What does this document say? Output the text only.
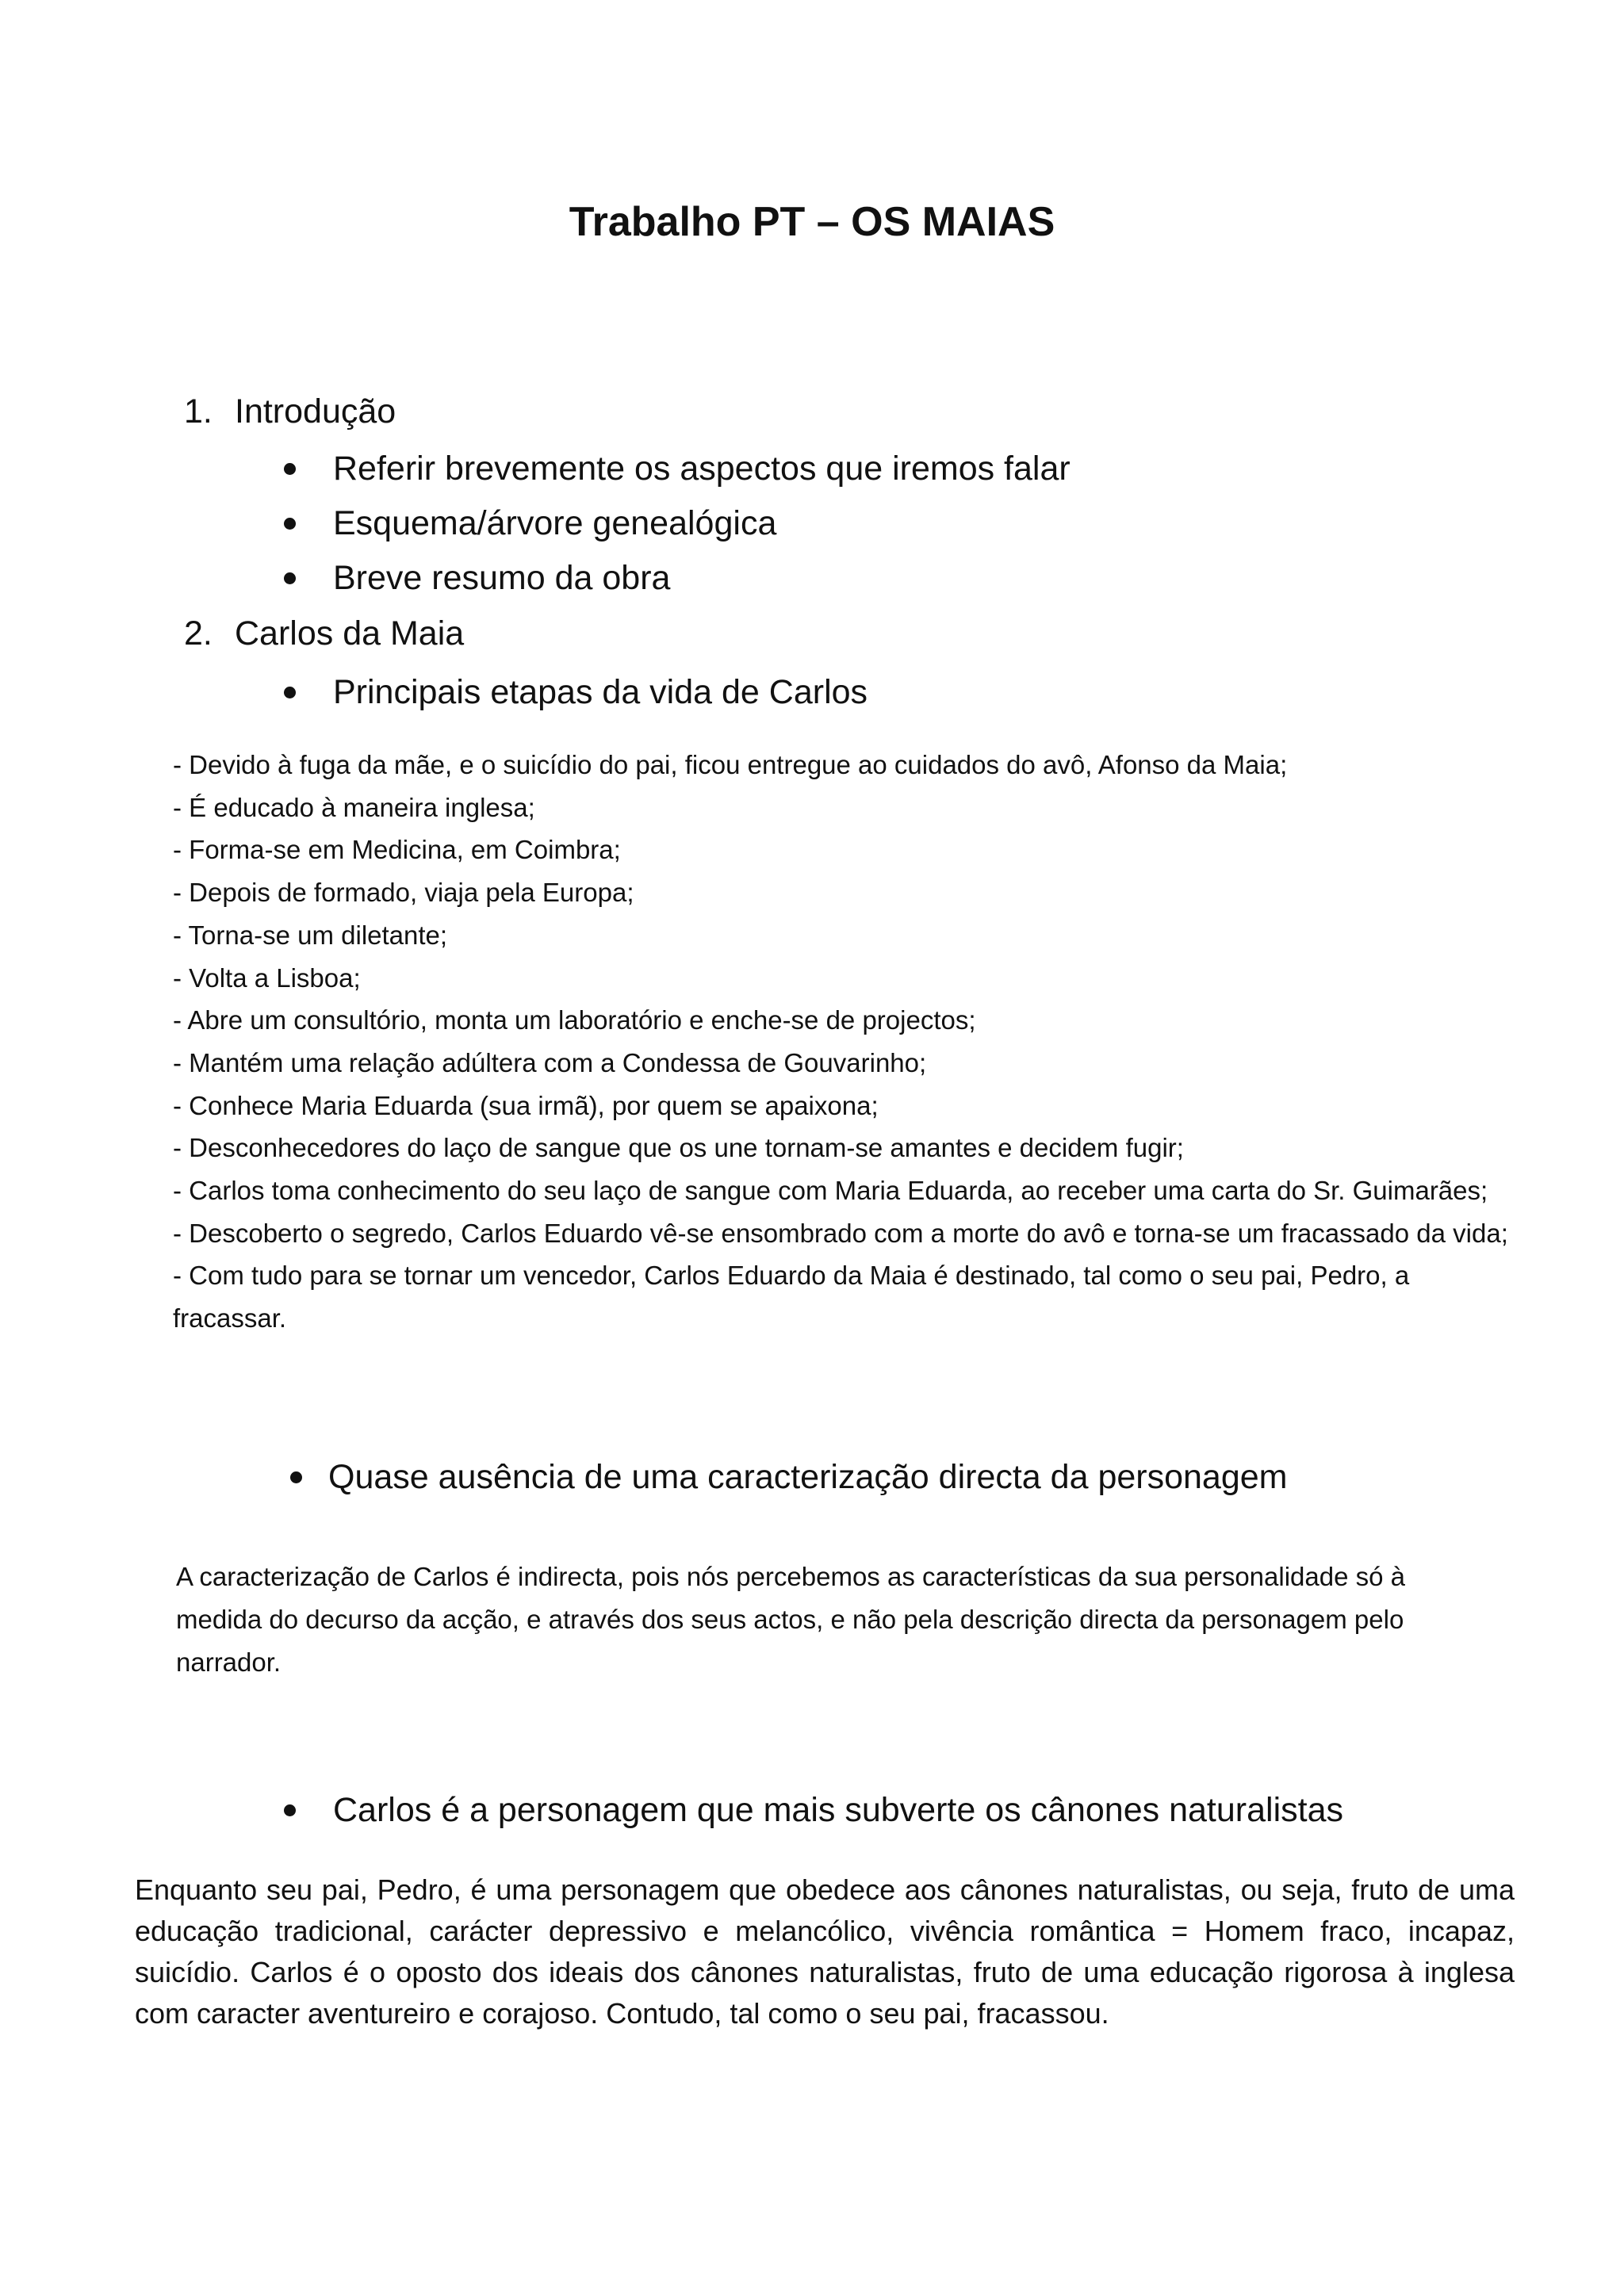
Trabalho PT – OS MAIAS
1. Introdução
Referir brevemente os aspectos que iremos falar
Esquema/árvore genealógica
Breve resumo da obra
2. Carlos da Maia
Principais etapas da vida de Carlos
- Devido à fuga da mãe, e o suicídio do pai, ficou entregue ao cuidados do avô, Afonso da Maia;
- É educado à maneira inglesa;
- Forma-se em Medicina, em Coimbra;
- Depois de formado, viaja pela Europa;
- Torna-se um diletante;
- Volta a Lisboa;
- Abre um consultório, monta um laboratório e enche-se de projectos;
- Mantém uma relação adúltera com a Condessa de Gouvarinho;
- Conhece Maria Eduarda (sua irmã), por quem se apaixona;
- Desconhecedores do laço de sangue que os une tornam-se amantes e decidem fugir;
- Carlos toma conhecimento do seu laço de sangue com Maria Eduarda, ao receber uma carta do Sr. Guimarães;
- Descoberto o segredo, Carlos Eduardo vê-se ensombrado com a morte do avô e torna-se um fracassado da vida;
- Com tudo para se tornar um vencedor, Carlos Eduardo da Maia é destinado, tal como o seu pai, Pedro, a fracassar.
Quase ausência de uma caracterização directa da personagem

A caracterização de Carlos é indirecta, pois nós percebemos as características da sua personalidade só à medida do decurso da acção, e através dos seus actos, e não pela descrição directa da personagem pelo narrador.

Carlos é a personagem que mais subverte os cânones naturalistas

Enquanto seu pai, Pedro, é uma personagem que obedece aos cânones naturalistas, ou seja, fruto de uma educação tradicional, carácter depressivo e melancólico, vivência romântica = Homem fraco, incapaz, suicídio. Carlos é o oposto dos ideais dos cânones naturalistas, fruto de uma educação rigorosa à inglesa com caracter aventureiro e corajoso. Contudo, tal como o seu pai, fracassou.
